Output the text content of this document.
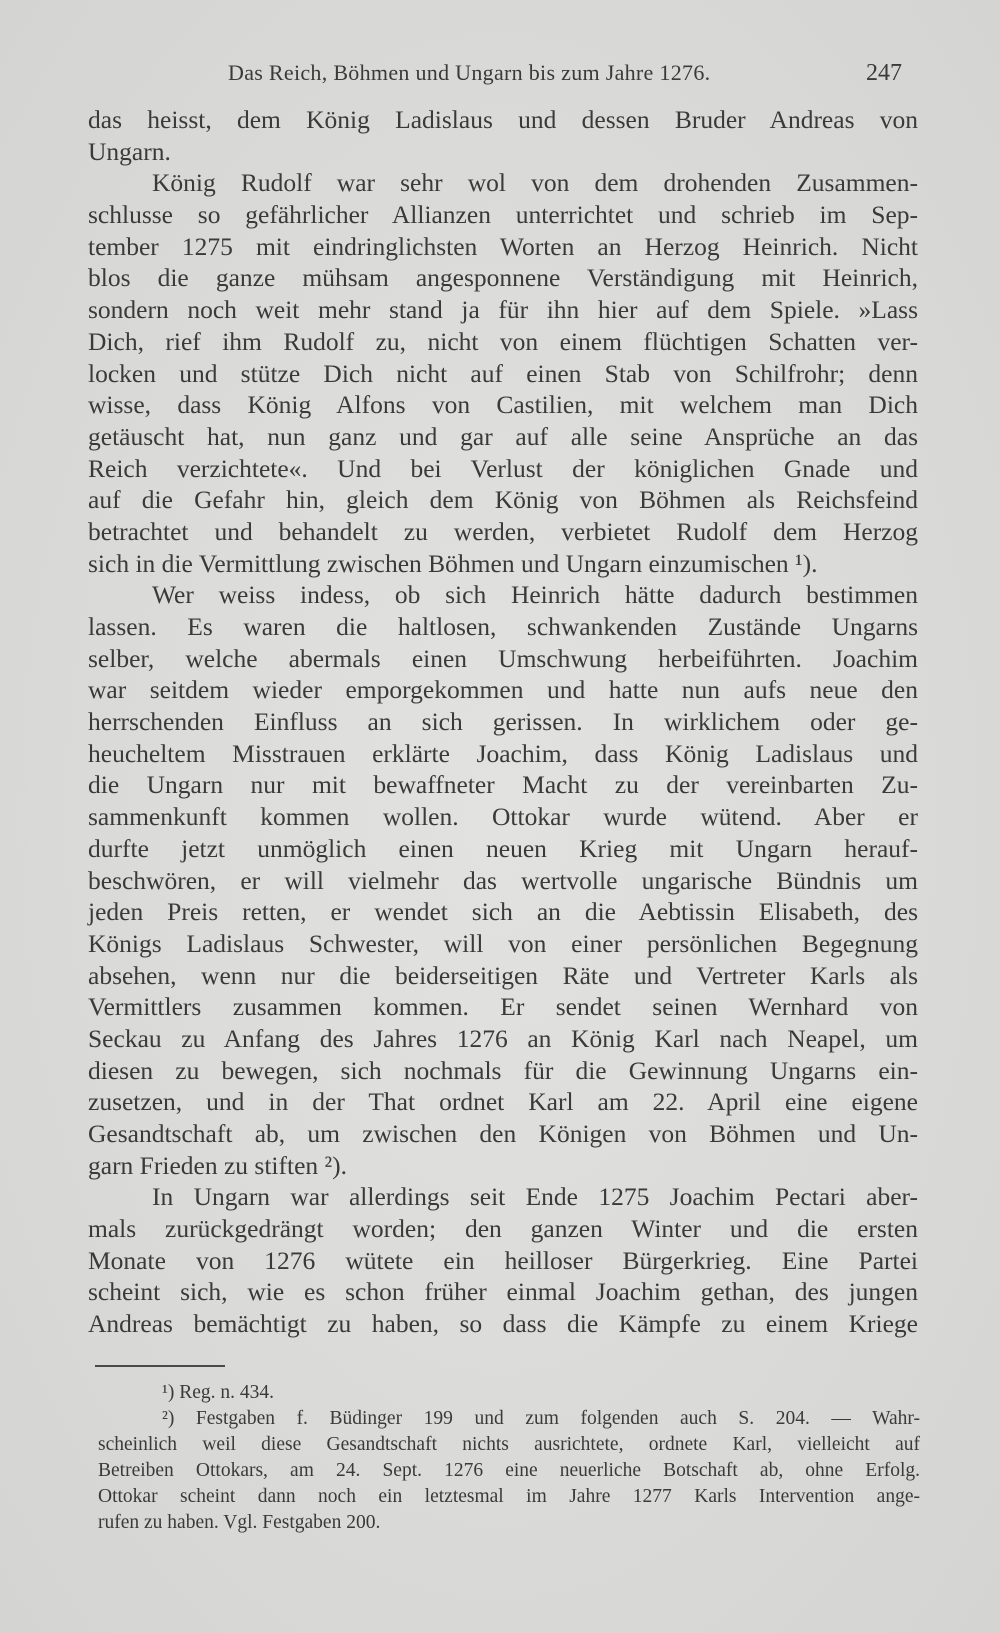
Das Reich, Böhmen und Ungarn bis zum Jahre 1276.	247
das heisst, dem König Ladislaus und dessen Bruder Andreas von
Ungarn.
König Rudolf war sehr wol von dem drohenden Zusammen-
schlusse so gefährlicher Allianzen unterrichtet und schrieb im Sep-
tember 1275 mit eindringlichsten Worten an Herzog Heinrich. Nicht
blos die ganze mühsam angesponnene Verständigung mit Heinrich,
sondern noch weit mehr stand ja für ihn hier auf dem Spiele. »Lass
Dich, rief ihm Rudolf zu, nicht von einem flüchtigen Schatten ver-
locken und stütze Dich nicht auf einen Stab von Schilfrohr; denn
wisse, dass König Alfons von Castilien, mit welchem man Dich
getäuscht hat, nun ganz und gar auf alle seine Ansprüche an das
Reich verzichtete«. Und bei Verlust der königlichen Gnade und
auf die Gefahr hin, gleich dem König von Böhmen als Reichsfeind
betrachtet und behandelt zu werden, verbietet Rudolf dem Herzog
sich in die Vermittlung zwischen Böhmen und Ungarn einzumischen ¹).
Wer weiss indess, ob sich Heinrich hätte dadurch bestimmen
lassen. Es waren die haltlosen, schwankenden Zustände Ungarns
selber, welche abermals einen Umschwung herbeiführten. Joachim
war seitdem wieder emporgekommen und hatte nun aufs neue den
herrschenden Einfluss an sich gerissen. In wirklichem oder ge-
heucheltem Misstrauen erklärte Joachim, dass König Ladislaus und
die Ungarn nur mit bewaffneter Macht zu der vereinbarten Zu-
sammenkunft kommen wollen. Ottokar wurde wütend. Aber er
durfte jetzt unmöglich einen neuen Krieg mit Ungarn herauf-
beschwören, er will vielmehr das wertvolle ungarische Bündnis um
jeden Preis retten, er wendet sich an die Aebtissin Elisabeth, des
Königs Ladislaus Schwester, will von einer persönlichen Begegnung
absehen, wenn nur die beiderseitigen Räte und Vertreter Karls als
Vermittlers zusammen kommen. Er sendet seinen Wernhard von
Seckau zu Anfang des Jahres 1276 an König Karl nach Neapel, um
diesen zu bewegen, sich nochmals für die Gewinnung Ungarns ein-
zusetzen, und in der That ordnet Karl am 22. April eine eigene
Gesandtschaft ab, um zwischen den Königen von Böhmen und Un-
garn Frieden zu stiften ²).
In Ungarn war allerdings seit Ende 1275 Joachim Pectari aber-
mals zurückgedrängt worden; den ganzen Winter und die ersten
Monate von 1276 wütete ein heilloser Bürgerkrieg. Eine Partei
scheint sich, wie es schon früher einmal Joachim gethan, des jungen
Andreas bemächtigt zu haben, so dass die Kämpfe zu einem Kriege
¹) Reg. n. 434.
²) Festgaben f. Büdinger 199 und zum folgenden auch S. 204. — Wahr-
scheinlich weil diese Gesandtschaft nichts ausrichtete, ordnete Karl, vielleicht auf
Betreiben Ottokars, am 24. Sept. 1276 eine neuerliche Botschaft ab, ohne Erfolg.
Ottokar scheint dann noch ein letztesmal im Jahre 1277 Karls Intervention ange-
rufen zu haben. Vgl. Festgaben 200.
